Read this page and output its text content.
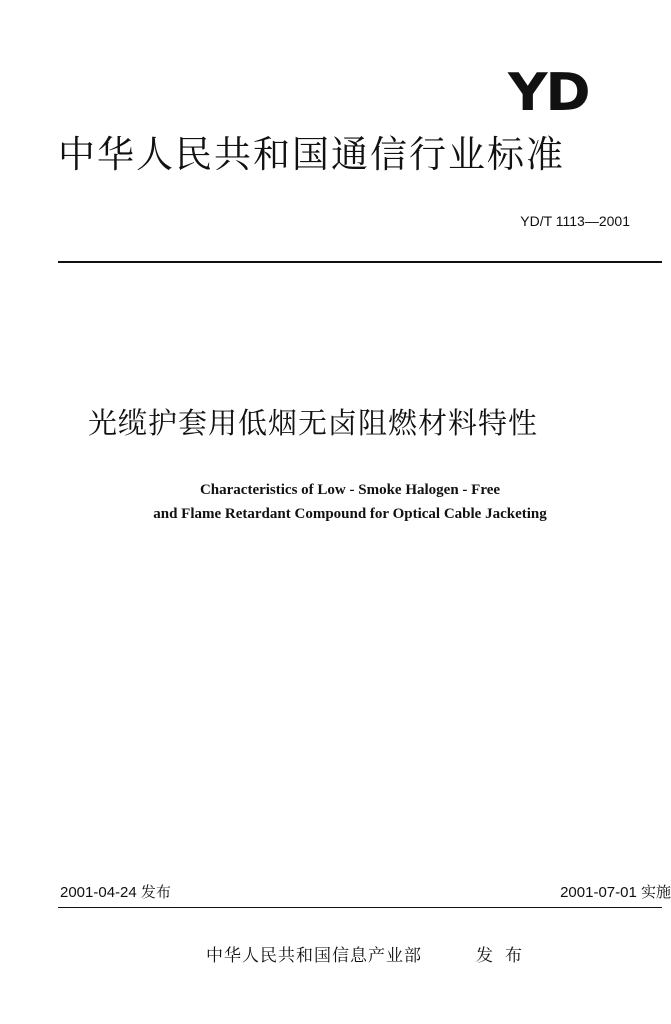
YD
中华人民共和国通信行业标准
YD/T 1113—2001
光缆护套用低烟无卤阻燃材料特性
Characteristics of Low - Smoke Halogen - Free
and Flame Retardant Compound for Optical Cable Jacketing
2001-04-24 发布	2001-07-01 实施
中华人民共和国信息产业部	发布
